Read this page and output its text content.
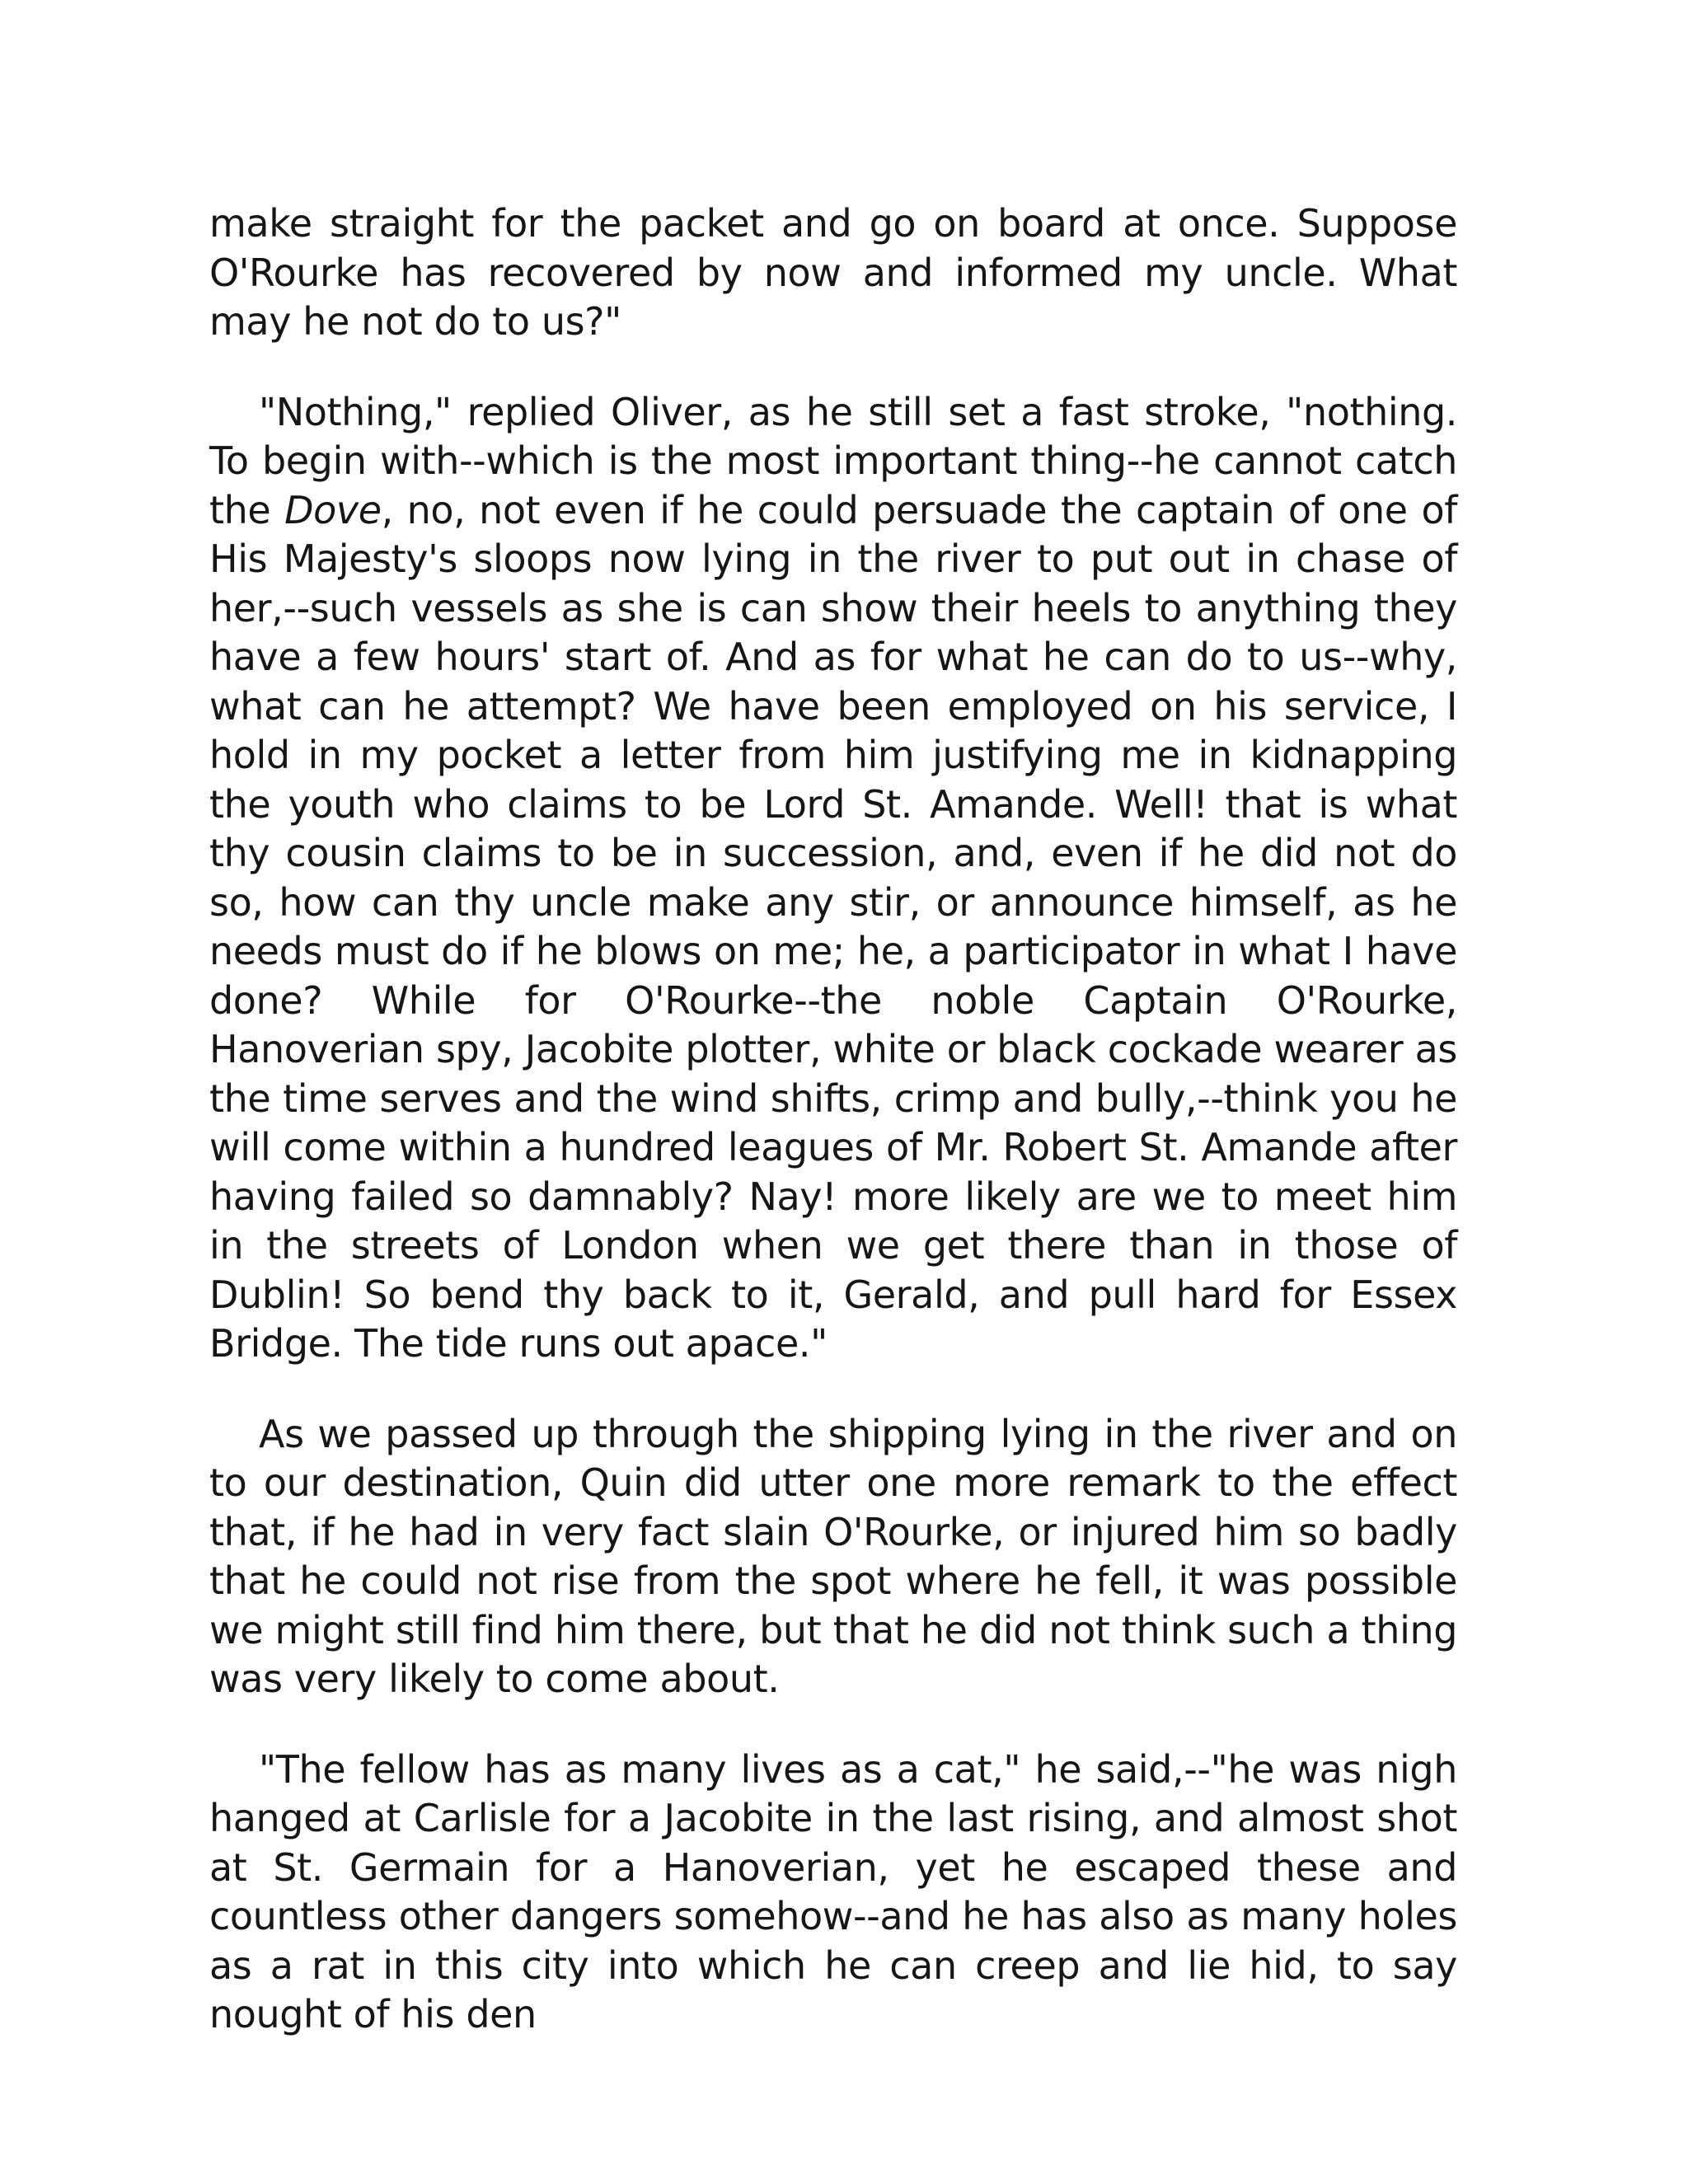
make straight for the packet and go on board at once. Suppose O'Rourke has recovered by now and informed my uncle. What may he not do to us?"

"Nothing," replied Oliver, as he still set a fast stroke, "nothing. To begin with--which is the most important thing--he cannot catch the Dove, no, not even if he could persuade the captain of one of His Majesty's sloops now lying in the river to put out in chase of her,--such vessels as she is can show their heels to anything they have a few hours' start of. And as for what he can do to us--why, what can he attempt? We have been employed on his service, I hold in my pocket a letter from him justifying me in kidnapping the youth who claims to be Lord St. Amande. Well! that is what thy cousin claims to be in succession, and, even if he did not do so, how can thy uncle make any stir, or announce himself, as he needs must do if he blows on me; he, a participator in what I have done? While for O'Rourke--the noble Captain O'Rourke, Hanoverian spy, Jacobite plotter, white or black cockade wearer as the time serves and the wind shifts, crimp and bully,--think you he will come within a hundred leagues of Mr. Robert St. Amande after having failed so damnably? Nay! more likely are we to meet him in the streets of London when we get there than in those of Dublin! So bend thy back to it, Gerald, and pull hard for Essex Bridge. The tide runs out apace."

As we passed up through the shipping lying in the river and on to our destination, Quin did utter one more remark to the effect that, if he had in very fact slain O'Rourke, or injured him so badly that he could not rise from the spot where he fell, it was possible we might still find him there, but that he did not think such a thing was very likely to come about.

"The fellow has as many lives as a cat," he said,--"he was nigh hanged at Carlisle for a Jacobite in the last rising, and almost shot at St. Germain for a Hanoverian, yet he escaped these and countless other dangers somehow--and he has also as many holes as a rat in this city into which he can creep and lie hid, to say nought of his den
